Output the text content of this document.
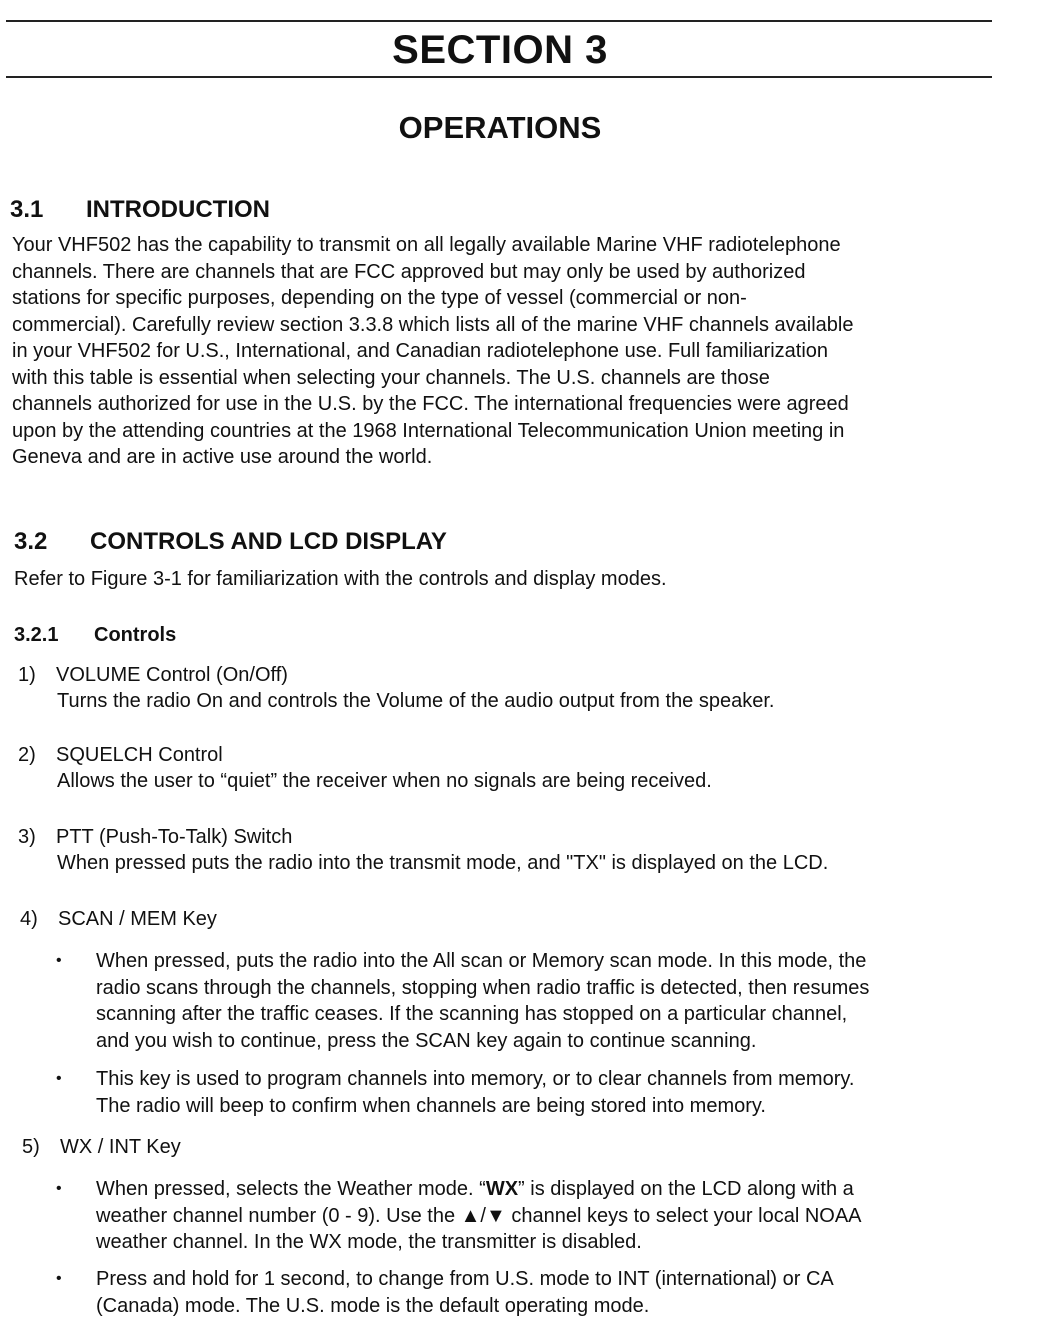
SECTION 3
OPERATIONS
3.1 INTRODUCTION
Your VHF502 has the capability to transmit on all legally available Marine VHF radiotelephone
channels. There are channels that are FCC approved but may only be used by authorized
stations for specific purposes, depending on the type of vessel (commercial or non-
commercial). Carefully review section 3.3.8 which lists all of the marine VHF channels available
in your VHF502 for U.S., International, and Canadian radiotelephone use. Full familiarization
with this table is essential when selecting your channels. The U.S. channels are those
channels authorized for use in the U.S. by the FCC. The international frequencies were agreed
upon by the attending countries at the 1968 International Telecommunication Union meeting in
Geneva and are in active use around the world.
3.2 CONTROLS AND LCD DISPLAY
Refer to Figure 3-1 for familiarization with the controls and display modes.
3.2.1 Controls
1) VOLUME Control (On/Off)
Turns the radio On and controls the Volume of the audio output from the speaker.
2) SQUELCH Control
Allows the user to “quiet” the receiver when no signals are being received.
3) PTT (Push-To-Talk) Switch
When pressed puts the radio into the transmit mode, and "TX" is displayed on the LCD.
4) SCAN / MEM Key
• When pressed, puts the radio into the All scan or Memory scan mode. In this mode, the
radio scans through the channels, stopping when radio traffic is detected, then resumes
scanning after the traffic ceases. If the scanning has stopped on a particular channel,
and you wish to continue, press the SCAN key again to continue scanning.
• This key is used to program channels into memory, or to clear channels from memory.
The radio will beep to confirm when channels are being stored into memory.
5) WX / INT Key
• When pressed, selects the Weather mode. “WX” is displayed on the LCD along with a
weather channel number (0 - 9). Use the ▲/▼ channel keys to select your local NOAA
weather channel. In the WX mode, the transmitter is disabled.
• Press and hold for 1 second, to change from U.S. mode to INT (international) or CA
(Canada) mode. The U.S. mode is the default operating mode.
